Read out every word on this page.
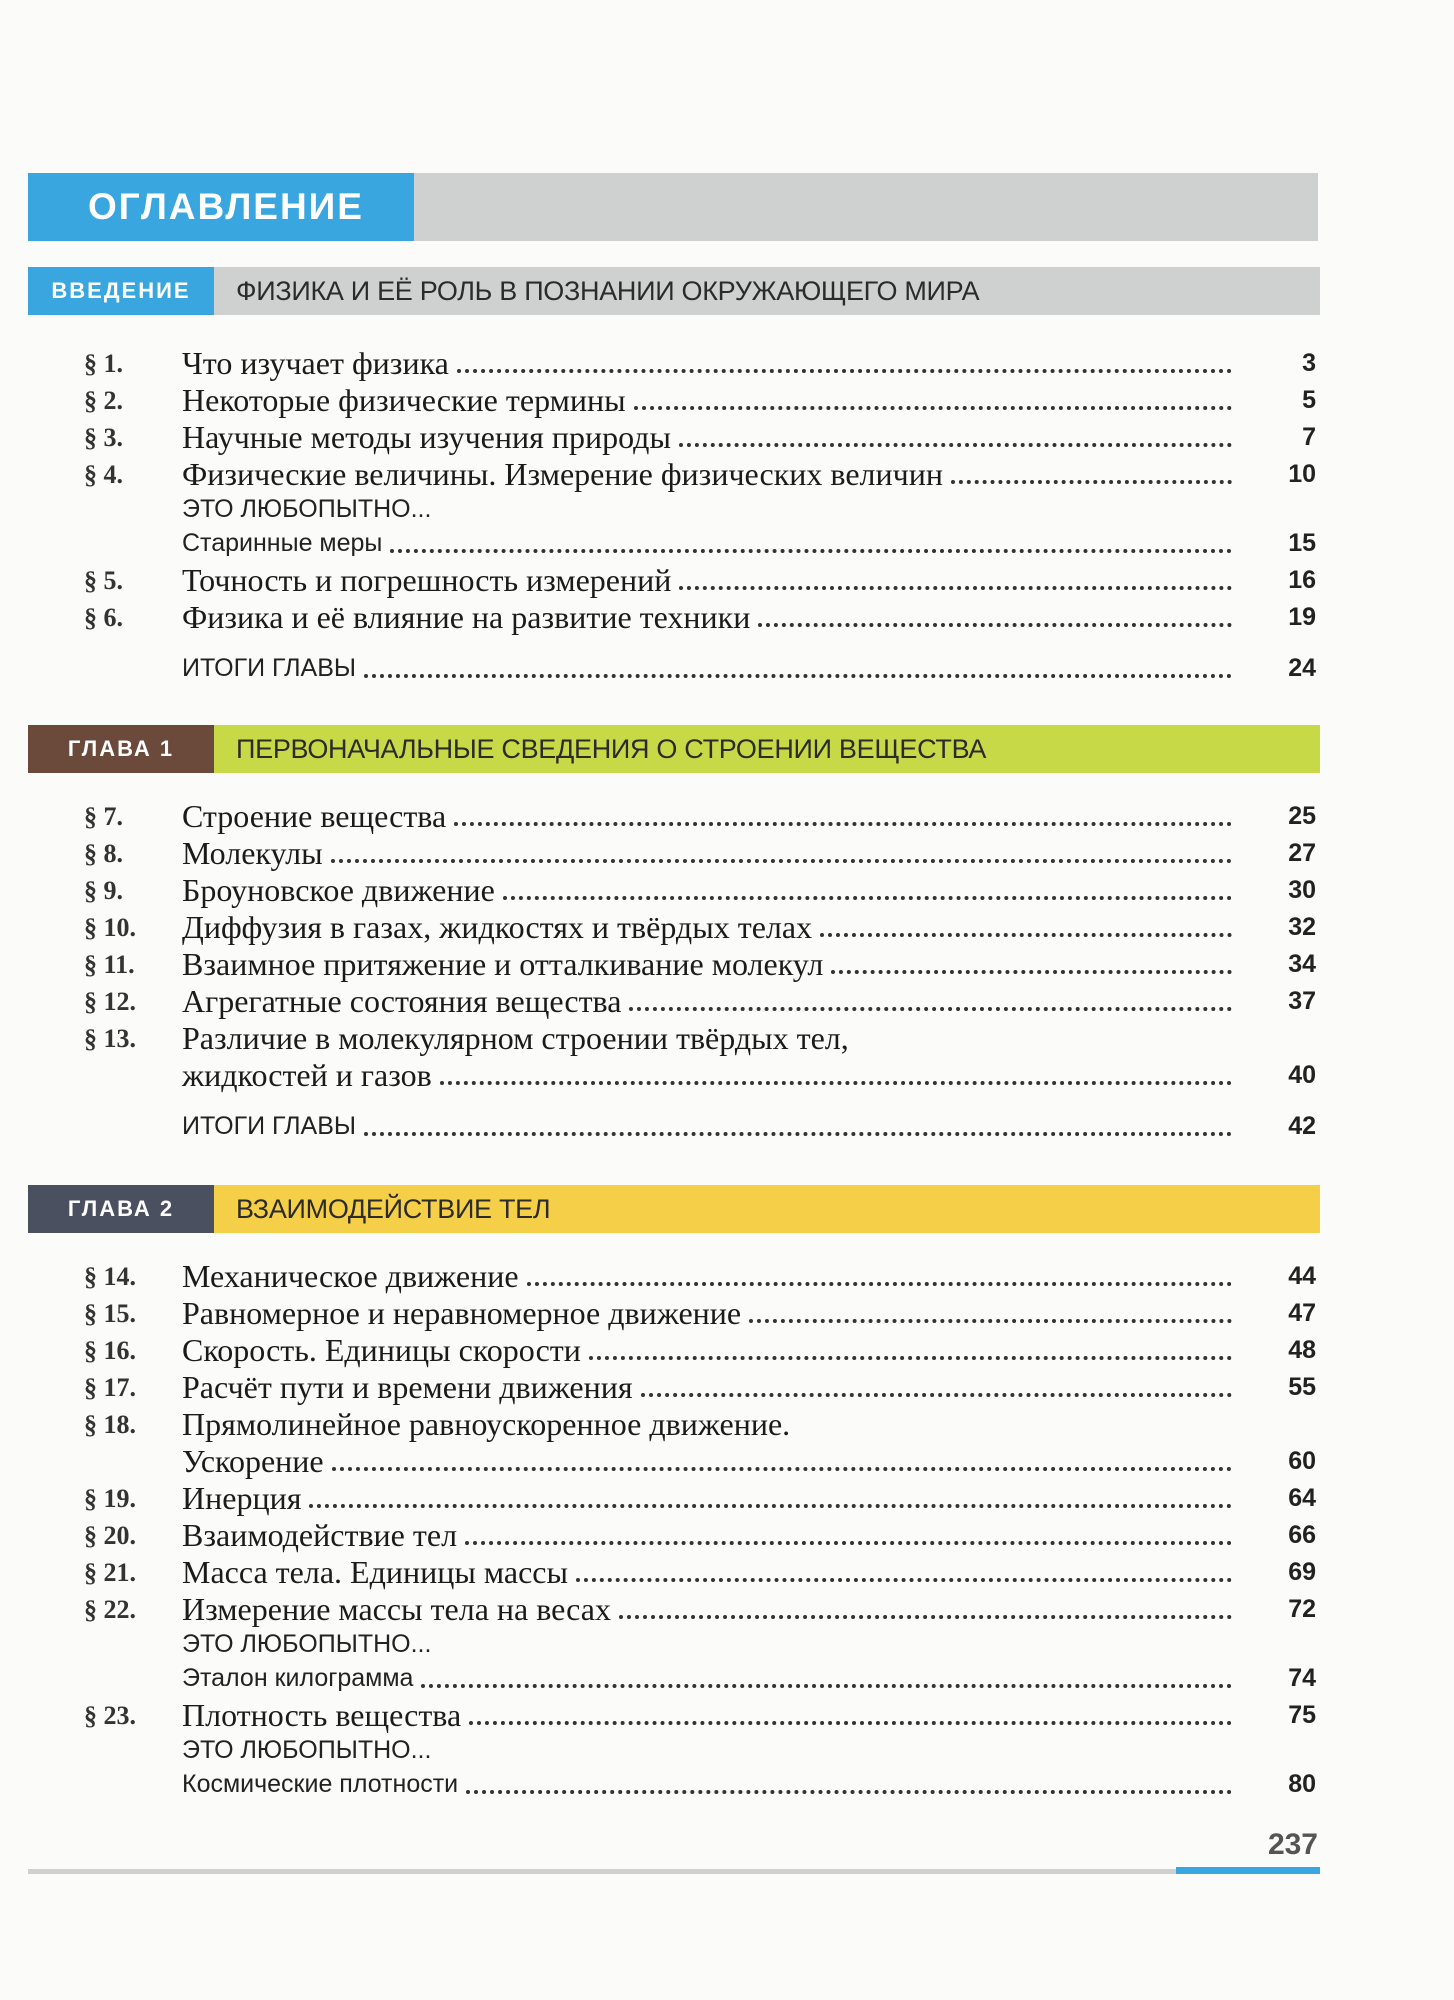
ОГЛАВЛЕНИЕ
ВВЕДЕНИЕ	ФИЗИКА И ЕЁ РОЛЬ В ПОЗНАНИИ ОКРУЖАЮЩЕГО МИРА
§ 1. Что изучает физика	3
§ 2. Некоторые физические термины	5
§ 3. Научные методы изучения природы	7
§ 4. Физические величины. Измерение физических величин	10
ЭТО ЛЮБОПЫТНО...
Старинные меры	15
§ 5. Точность и погрешность измерений	16
§ 6. Физика и её влияние на развитие техники	19
ИТОГИ ГЛАВЫ	24
ГЛАВА 1	ПЕРВОНАЧАЛЬНЫЕ СВЕДЕНИЯ О СТРОЕНИИ ВЕЩЕСТВА
§ 7. Строение вещества	25
§ 8. Молекулы	27
§ 9. Броуновское движение	30
§ 10. Диффузия в газах, жидкостях и твёрдых телах	32
§ 11. Взаимное притяжение и отталкивание молекул	34
§ 12. Агрегатные состояния вещества	37
§ 13. Различие в молекулярном строении твёрдых тел,
жидкостей и газов	40
ИТОГИ ГЛАВЫ	42
ГЛАВА 2	ВЗАИМОДЕЙСТВИЕ ТЕЛ
§ 14. Механическое движение	44
§ 15. Равномерное и неравномерное движение	47
§ 16. Скорость. Единицы скорости	48
§ 17. Расчёт пути и времени движения	55
§ 18. Прямолинейное равноускоренное движение.
Ускорение	60
§ 19. Инерция	64
§ 20. Взаимодействие тел	66
§ 21. Масса тела. Единицы массы	69
§ 22. Измерение массы тела на весах	72
ЭТО ЛЮБОПЫТНО...
Эталон килограмма	74
§ 23. Плотность вещества	75
ЭТО ЛЮБОПЫТНО...
Космические плотности	80
237
